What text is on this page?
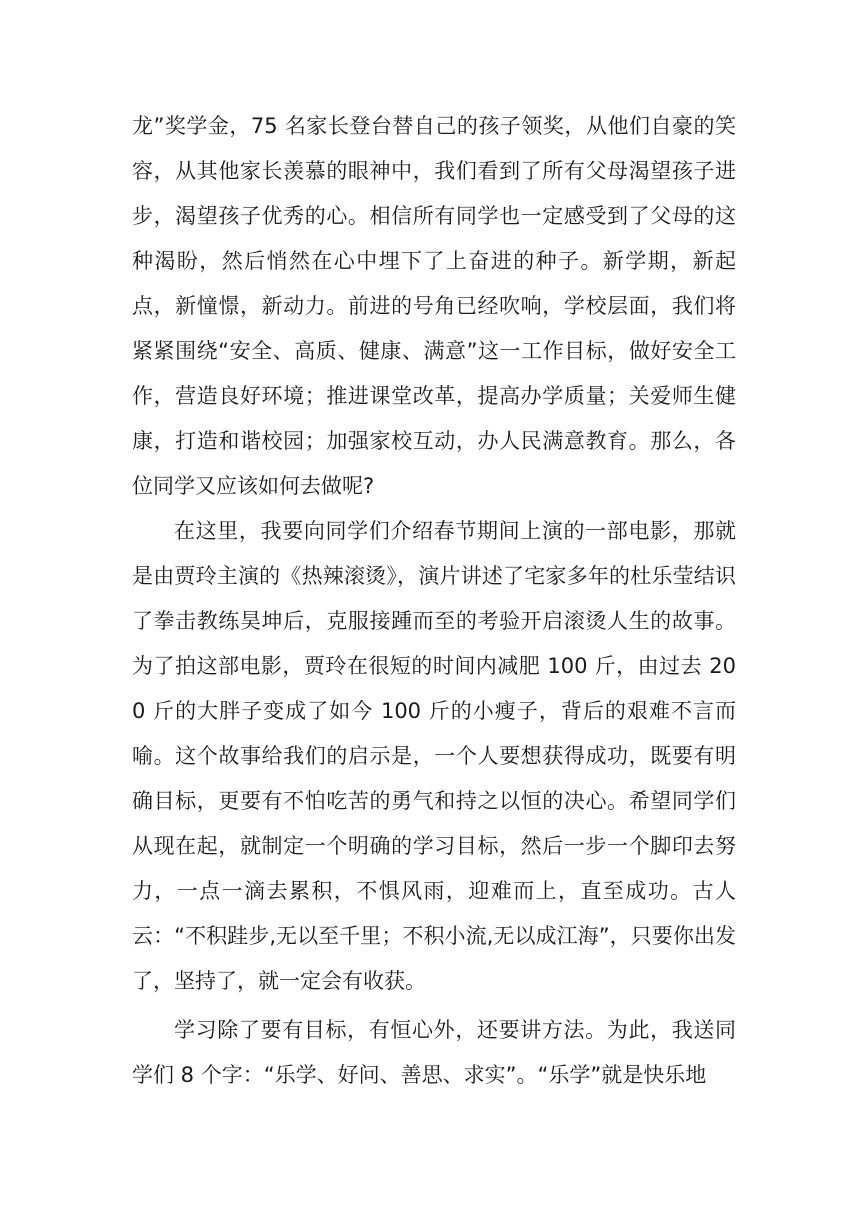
龙”奖学金，75 名家长登台替自己的孩子领奖，从他们自豪的笑容，从其他家长羡慕的眼神中，我们看到了所有父母渴望孩子进步，渴望孩子优秀的心。相信所有同学也一定感受到了父母的这种渴盼，然后悄然在心中埋下了上奋进的种子。新学期，新起点，新憧憬，新动力。前进的号角已经吹响，学校层面，我们将紧紧围绕“安全、高质、健康、满意”这一工作目标，做好安全工作，营造良好环境；推进课堂改革，提高办学质量；关爱师生健康，打造和谐校园；加强家校互动，办人民满意教育。那么，各位同学又应该如何去做呢?

在这里，我要向同学们介绍春节期间上演的一部电影，那就是由贾玲主演的《热辣滚烫》，演片讲述了宅家多年的杜乐莹结识了拳击教练昊坤后，克服接踵而至的考验开启滚烫人生的故事。为了拍这部电影，贾玲在很短的时间内减肥 100 斤，由过去 200 斤的大胖子变成了如今 100 斤的小瘦子，背后的艰难不言而喻。这个故事给我们的启示是，一个人要想获得成功，既要有明确目标，更要有不怕吃苦的勇气和持之以恒的决心。希望同学们从现在起，就制定一个明确的学习目标，然后一步一个脚印去努力，一点一滴去累积，不惧风雨，迎难而上，直至成功。古人云：“不积跬步,无以至千里；不积小流,无以成江海”，只要你出发了，坚持了，就一定会有收获。

学习除了要有目标，有恒心外，还要讲方法。为此，我送同学们 8 个字：“乐学、好问、善思、求实”。“乐学”就是快乐地
